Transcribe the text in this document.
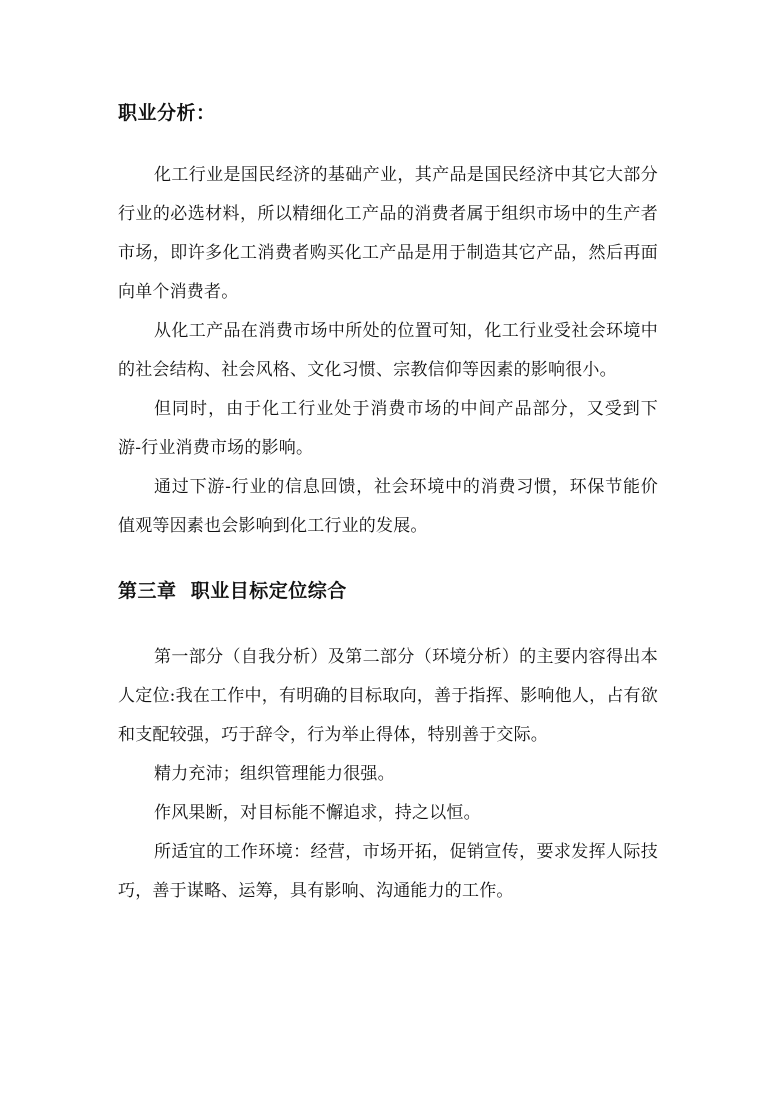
职业分析：

化工行业是国民经济的基础产业，其产品是国民经济中其它大部分行业的必选材料，所以精细化工产品的消费者属于组织市场中的生产者市场，即许多化工消费者购买化工产品是用于制造其它产品，然后再面向单个消费者。

从化工产品在消费市场中所处的位置可知，化工行业受社会环境中的社会结构、社会风格、文化习惯、宗教信仰等因素的影响很小。

但同时，由于化工行业处于消费市场的中间产品部分，又受到下游-行业消费市场的影响。

通过下游-行业的信息回馈，社会环境中的消费习惯，环保节能价值观等因素也会影响到化工行业的发展。

第三章  职业目标定位综合

第一部分（自我分析）及第二部分（环境分析）的主要内容得出本人定位:我在工作中，有明确的目标取向，善于指挥、影响他人，占有欲和支配较强，巧于辞令，行为举止得体，特别善于交际。

精力充沛；组织管理能力很强。

作风果断，对目标能不懈追求，持之以恒。

所适宜的工作环境：经营，市场开拓，促销宣传，要求发挥人际技巧，善于谋略、运筹，具有影响、沟通能力的工作。
